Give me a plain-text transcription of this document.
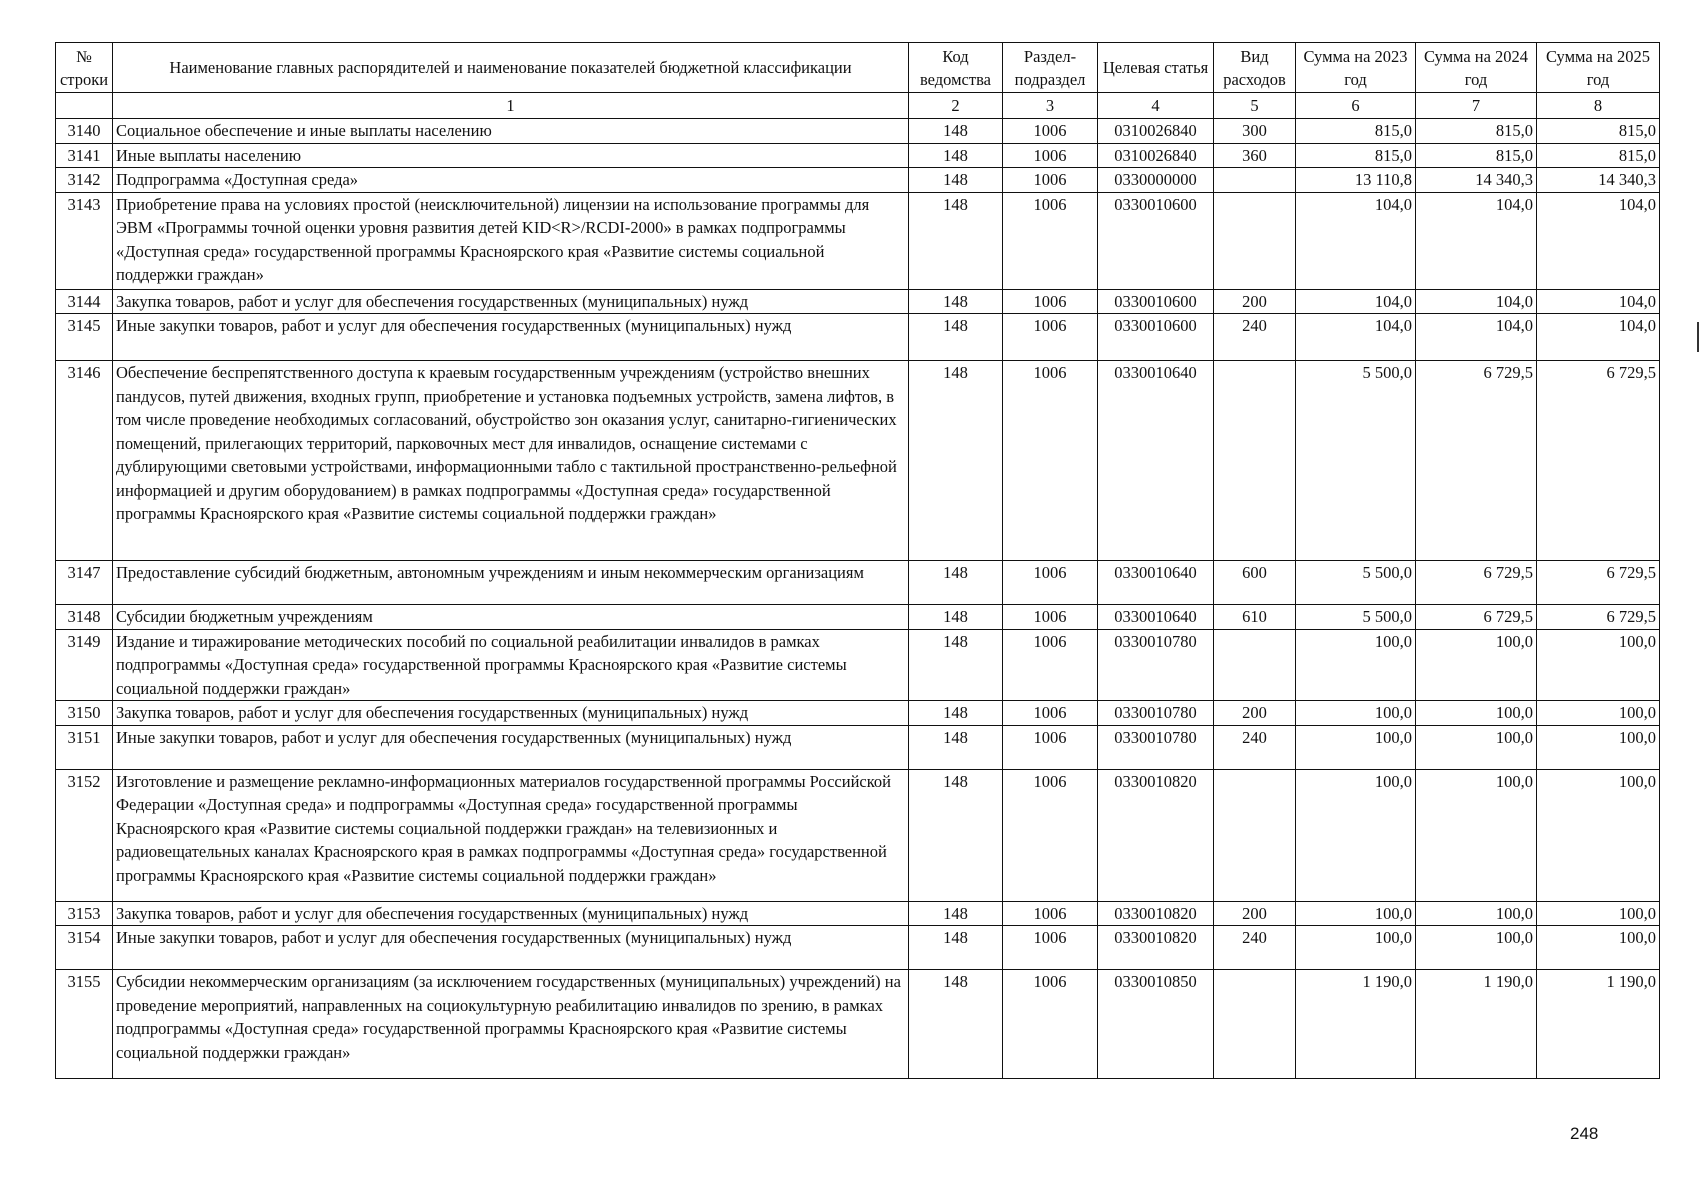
№ строки	Наименование главных распорядителей и наименование показателей бюджетной классификации	Код ведомства	Раздел-подраздел	Целевая статья	Вид расходов	Сумма на 2023 год	Сумма на 2024 год	Сумма на 2025 год
	1	2	3	4	5	6	7	8
3140	Социальное обеспечение и иные выплаты населению	148	1006	0310026840	300	815,0	815,0	815,0
3141	Иные выплаты населению	148	1006	0310026840	360	815,0	815,0	815,0
3142	Подпрограмма «Доступная среда»	148	1006	0330000000		13 110,8	14 340,3	14 340,3
3143	Приобретение права на условиях простой (неисключительной) лицензии на использование программы для ЭВМ «Программы точной оценки уровня развития детей KID<R>/RCDI-2000» в рамках подпрограммы «Доступная среда» государственной программы Красноярского края «Развитие системы социальной поддержки граждан»	148	1006	0330010600		104,0	104,0	104,0
3144	Закупка товаров, работ и услуг для обеспечения государственных (муниципальных) нужд	148	1006	0330010600	200	104,0	104,0	104,0
3145	Иные закупки товаров, работ и услуг для обеспечения государственных (муниципальных) нужд	148	1006	0330010600	240	104,0	104,0	104,0
3146	Обеспечение беспрепятственного доступа к краевым государственным учреждениям (устройство внешних пандусов, путей движения, входных групп, приобретение и установка подъемных устройств, замена лифтов, в том числе проведение необходимых согласований, обустройство зон оказания услуг, санитарно-гигиенических помещений, прилегающих территорий, парковочных мест для инвалидов, оснащение системами с дублирующими световыми устройствами, информационными табло с тактильной пространственно-рельефной информацией и другим оборудованием) в рамках подпрограммы «Доступная среда» государственной программы Красноярского края «Развитие системы социальной поддержки граждан»	148	1006	0330010640		5 500,0	6 729,5	6 729,5
3147	Предоставление субсидий бюджетным, автономным учреждениям и иным некоммерческим организациям	148	1006	0330010640	600	5 500,0	6 729,5	6 729,5
3148	Субсидии бюджетным учреждениям	148	1006	0330010640	610	5 500,0	6 729,5	6 729,5
3149	Издание и тиражирование методических пособий по социальной реабилитации инвалидов в рамках подпрограммы «Доступная среда» государственной программы Красноярского края «Развитие системы социальной поддержки граждан»	148	1006	0330010780		100,0	100,0	100,0
3150	Закупка товаров, работ и услуг для обеспечения государственных (муниципальных) нужд	148	1006	0330010780	200	100,0	100,0	100,0
3151	Иные закупки товаров, работ и услуг для обеспечения государственных (муниципальных) нужд	148	1006	0330010780	240	100,0	100,0	100,0
3152	Изготовление и размещение рекламно-информационных материалов государственной программы Российской Федерации «Доступная среда» и подпрограммы «Доступная среда» государственной программы Красноярского края «Развитие системы социальной поддержки граждан» на телевизионных и радиовещательных каналах Красноярского края в рамках подпрограммы «Доступная среда» государственной программы Красноярского края «Развитие системы социальной поддержки граждан»	148	1006	0330010820		100,0	100,0	100,0
3153	Закупка товаров, работ и услуг для обеспечения государственных (муниципальных) нужд	148	1006	0330010820	200	100,0	100,0	100,0
3154	Иные закупки товаров, работ и услуг для обеспечения государственных (муниципальных) нужд	148	1006	0330010820	240	100,0	100,0	100,0
3155	Субсидии некоммерческим организациям (за исключением государственных (муниципальных) учреждений) на проведение мероприятий, направленных на социокультурную реабилитацию инвалидов по зрению, в рамках подпрограммы «Доступная среда» государственной программы Красноярского края «Развитие системы социальной поддержки граждан»	148	1006	0330010850		1 190,0	1 190,0	1 190,0
248
